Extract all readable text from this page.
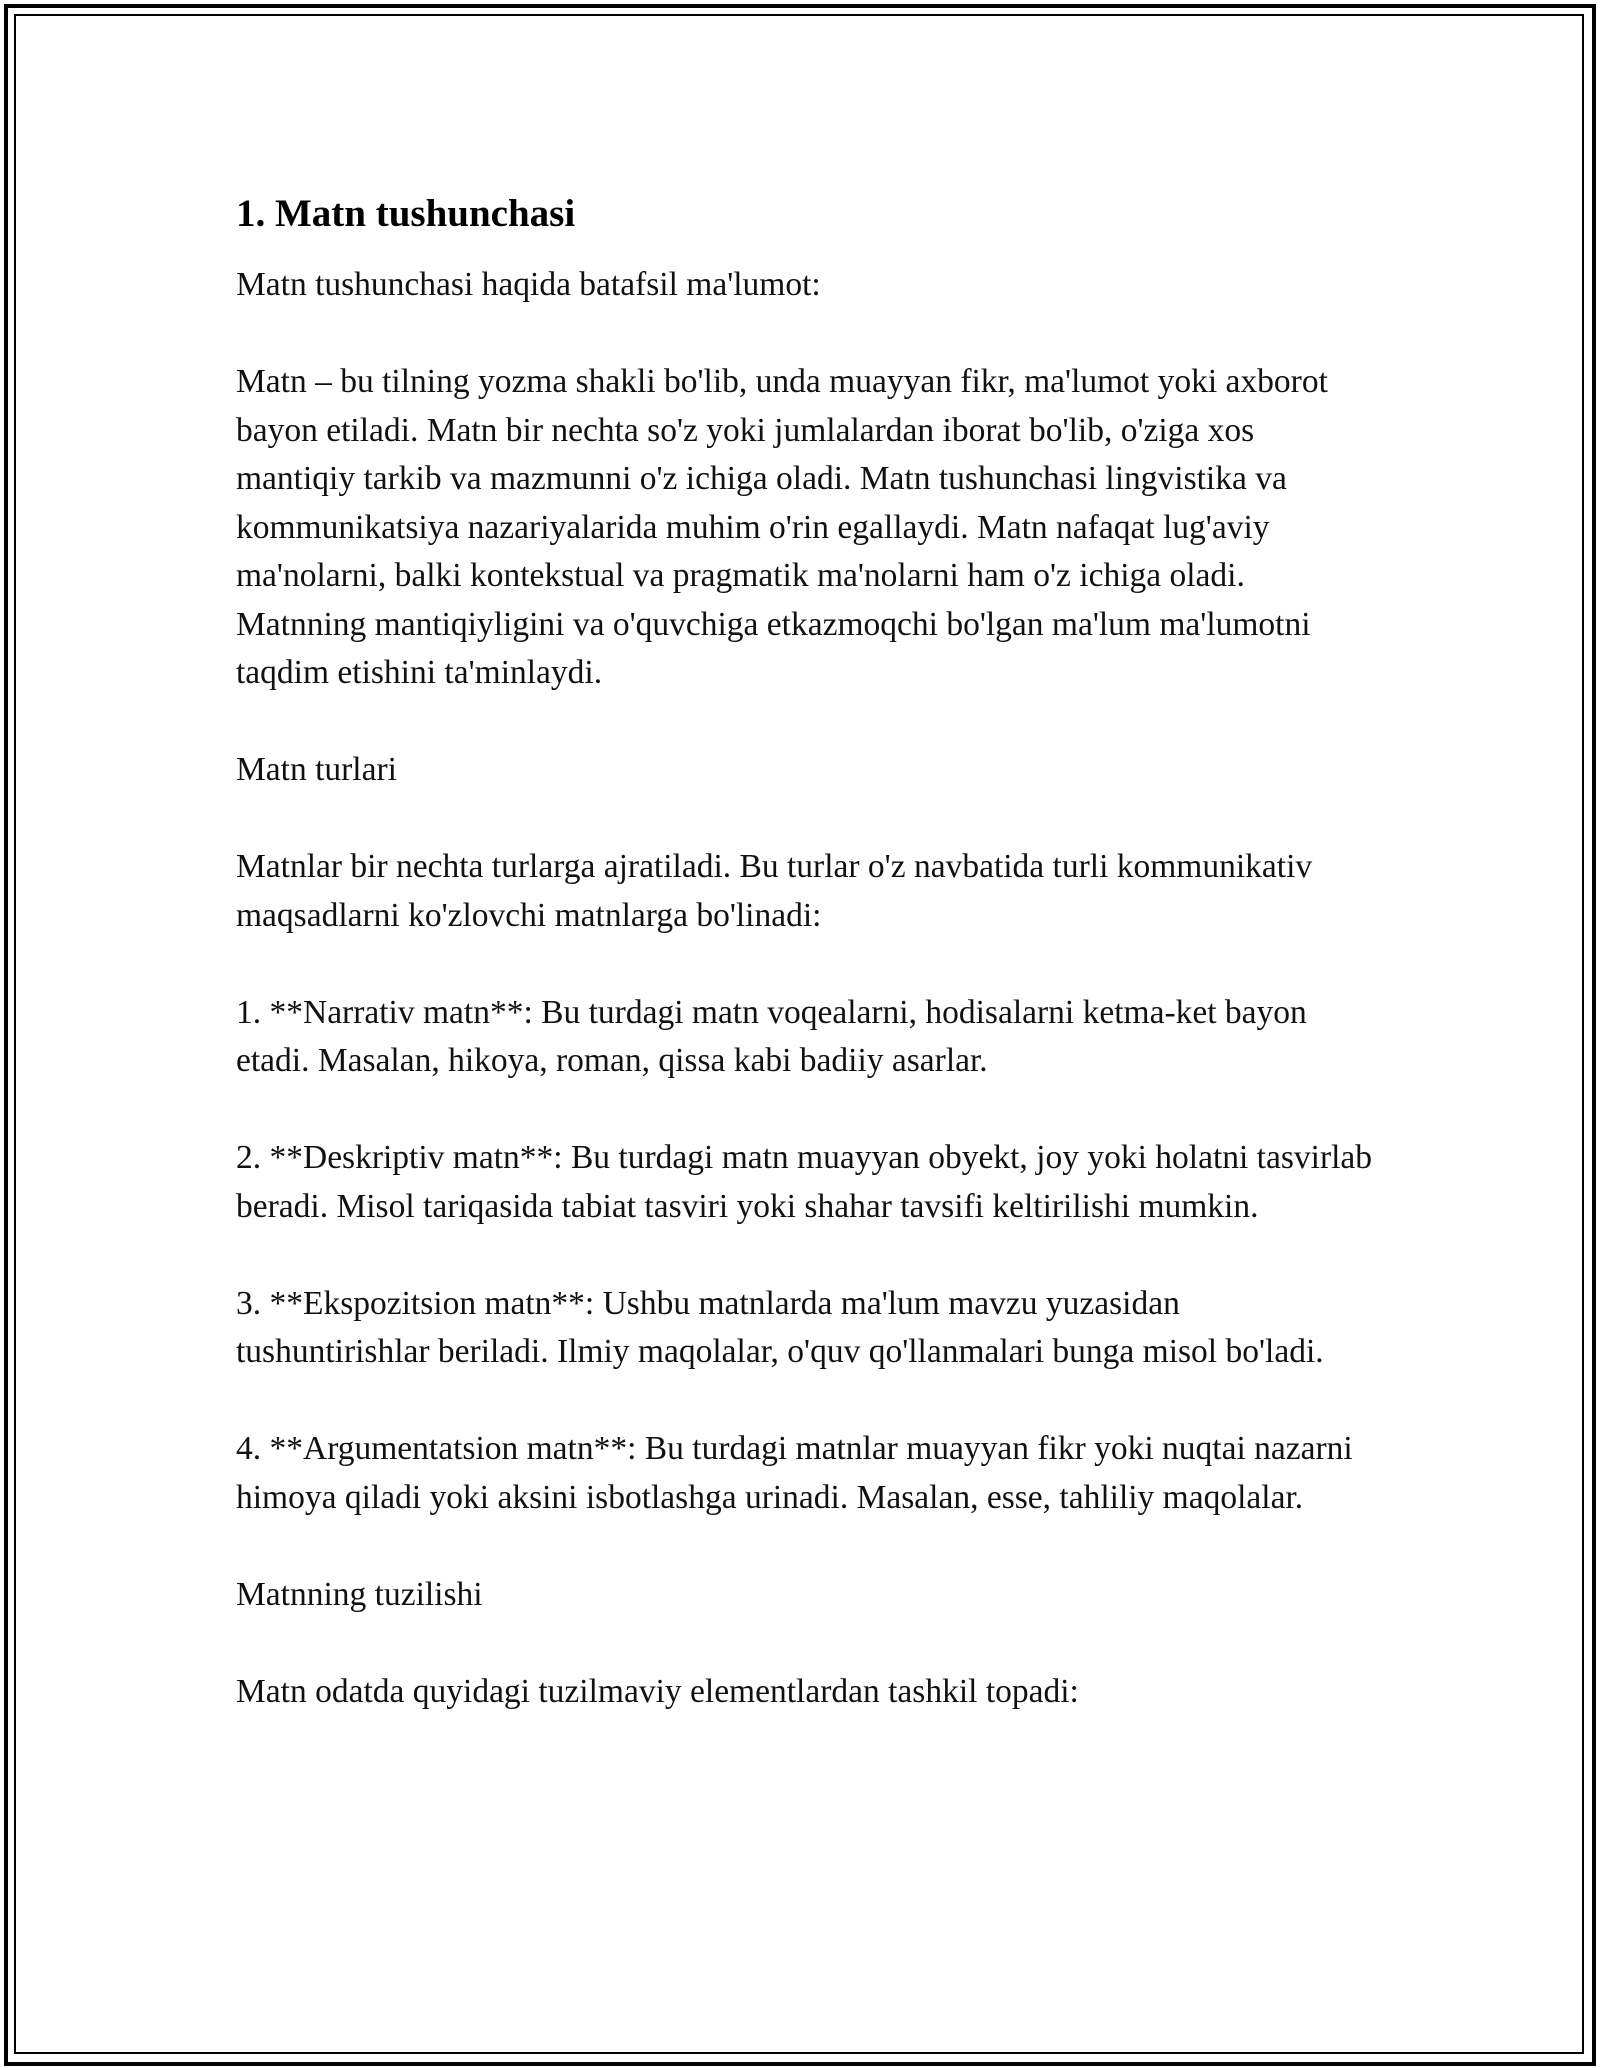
1. Matn tushunchasi

Matn tushunchasi haqida batafsil ma'lumot:

Matn – bu tilning yozma shakli bo'lib, unda muayyan fikr, ma'lumot yoki axborot bayon etiladi. Matn bir nechta so'z yoki jumlalardan iborat bo'lib, o'ziga xos mantiqiy tarkib va mazmunni o'z ichiga oladi. Matn tushunchasi lingvistika va kommunikatsiya nazariyalarida muhim o'rin egallaydi. Matn nafaqat lug'aviy ma'nolarni, balki kontekstual va pragmatik ma'nolarni ham o'z ichiga oladi. Matnning mantiqiyligini va o'quvchiga etkazmoqchi bo'lgan ma'lum ma'lumotni taqdim etishini ta'minlaydi.

Matn turlari

Matnlar bir nechta turlarga ajratiladi. Bu turlar o'z navbatida turli kommunikativ maqsadlarni ko'zlovchi matnlarga bo'linadi:

1. **Narrativ matn**: Bu turdagi matn voqealarni, hodisalarni ketma-ket bayon etadi. Masalan, hikoya, roman, qissa kabi badiiy asarlar.

2. **Deskriptiv matn**: Bu turdagi matn muayyan obyekt, joy yoki holatni tasvirlab beradi. Misol tariqasida tabiat tasviri yoki shahar tavsifi keltirilishi mumkin.

3. **Ekspozitsion matn**: Ushbu matnlarda ma'lum mavzu yuzasidan tushuntirishlar beriladi. Ilmiy maqolalar, o'quv qo'llanmalari bunga misol bo'ladi.

4. **Argumentatsion matn**: Bu turdagi matnlar muayyan fikr yoki nuqtai nazarni himoya qiladi yoki aksini isbotlashga urinadi. Masalan, esse, tahliliy maqolalar.

Matnning tuzilishi

Matn odatda quyidagi tuzilmaviy elementlardan tashkil topadi:
